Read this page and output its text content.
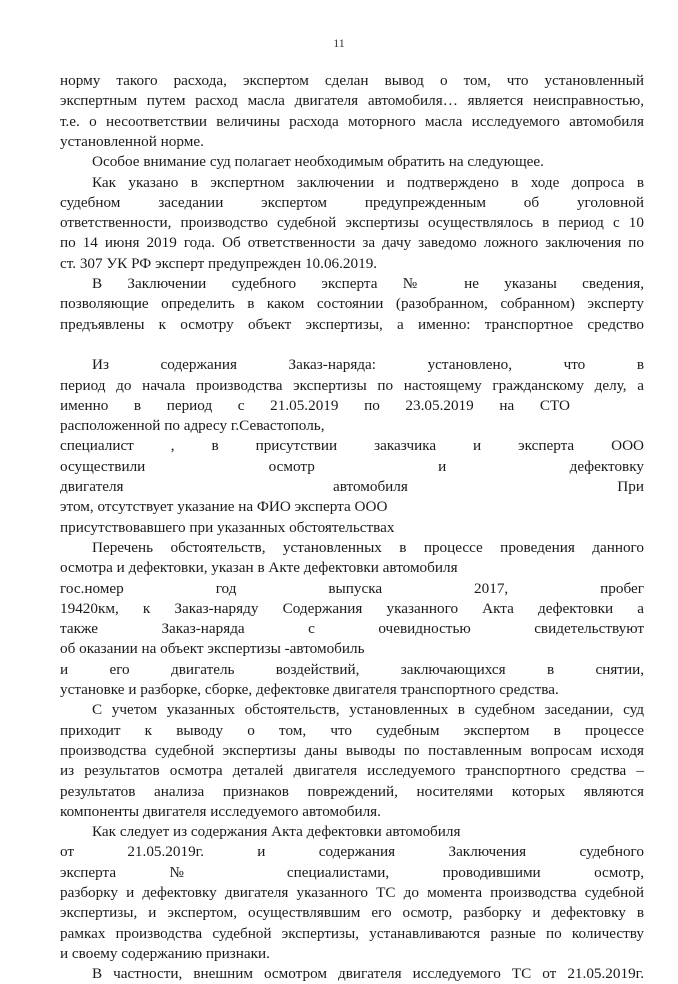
11
норму такого расхода, экспертом сделан вывод о том, что установленный
экспертным путем расход масла двигателя автомобиля… является неисправностью,
т.е. о несоответствии величины расхода моторного масла исследуемого автомобиля
установленной норме.
Особое внимание суд полагает необходимым обратить на следующее.
Как указано в экспертном заключении и подтверждено в ходе допроса в
судебном заседании экспертом предупрежденным об уголовной
ответственности, производство судебной экспертизы осуществлялось в период с 10
по 14 июня 2019 года. Об ответственности за дачу заведомо ложного заключения по
ст. 307 УК РФ эксперт предупрежден 10.06.2019.
В Заключении судебного эксперта № не указаны сведения,
позволяющие определить в каком состоянии (разобранном, собранном) эксперту
предъявлены к осмотру объект экспертизы, а именно: транспортное средство
Из содержания Заказ-наряда: установлено, что в
период до начала производства экспертизы по настоящему гражданскому делу, а
именно в период с 21.05.2019 по 23.05.2019 на СТО
расположенной по адресу г.Севастополь,
специалист , в присутствии заказчика и эксперта ООО
осуществили осмотр и дефектовку
двигателя автомобиля При
этом, отсутствует указание на ФИО эксперта ООО
присутствовавшего при указанных обстоятельствах
Перечень обстоятельств, установленных в процессе проведения данного
осмотра и дефектовки, указан в Акте дефектовки автомобиля
гос.номер год выпуска 2017, пробег
19420км, к Заказ-наряду Содержания указанного Акта дефектовки а
также Заказ-наряда с очевидностью свидетельствуют
об оказании на объект экспертизы -автомобиль
и его двигатель воздействий, заключающихся в снятии,
установке и разборке, сборке, дефектовке двигателя транспортного средства.
С учетом указанных обстоятельств, установленных в судебном заседании, суд
приходит к выводу о том, что судебным экспертом в процессе
производства судебной экспертизы даны выводы по поставленным вопросам исходя
из результатов осмотра деталей двигателя исследуемого транспортного средства –
результатов анализа признаков повреждений, носителями которых являются
компоненты двигателя исследуемого автомобиля.
Как следует из содержания Акта дефектовки автомобиля
от 21.05.2019г. и содержания Заключения судебного
эксперта № специалистами, проводившими осмотр,
разборку и дефектовку двигателя указанного ТС до момента производства судебной
экспертизы, и экспертом, осуществлявшим его осмотр, разборку и дефектовку в
рамках производства судебной экспертизы, устанавливаются разные по количеству
и своему содержанию признаки.
В частности, внешним осмотром двигателя исследуемого ТС от 21.05.2019г.
